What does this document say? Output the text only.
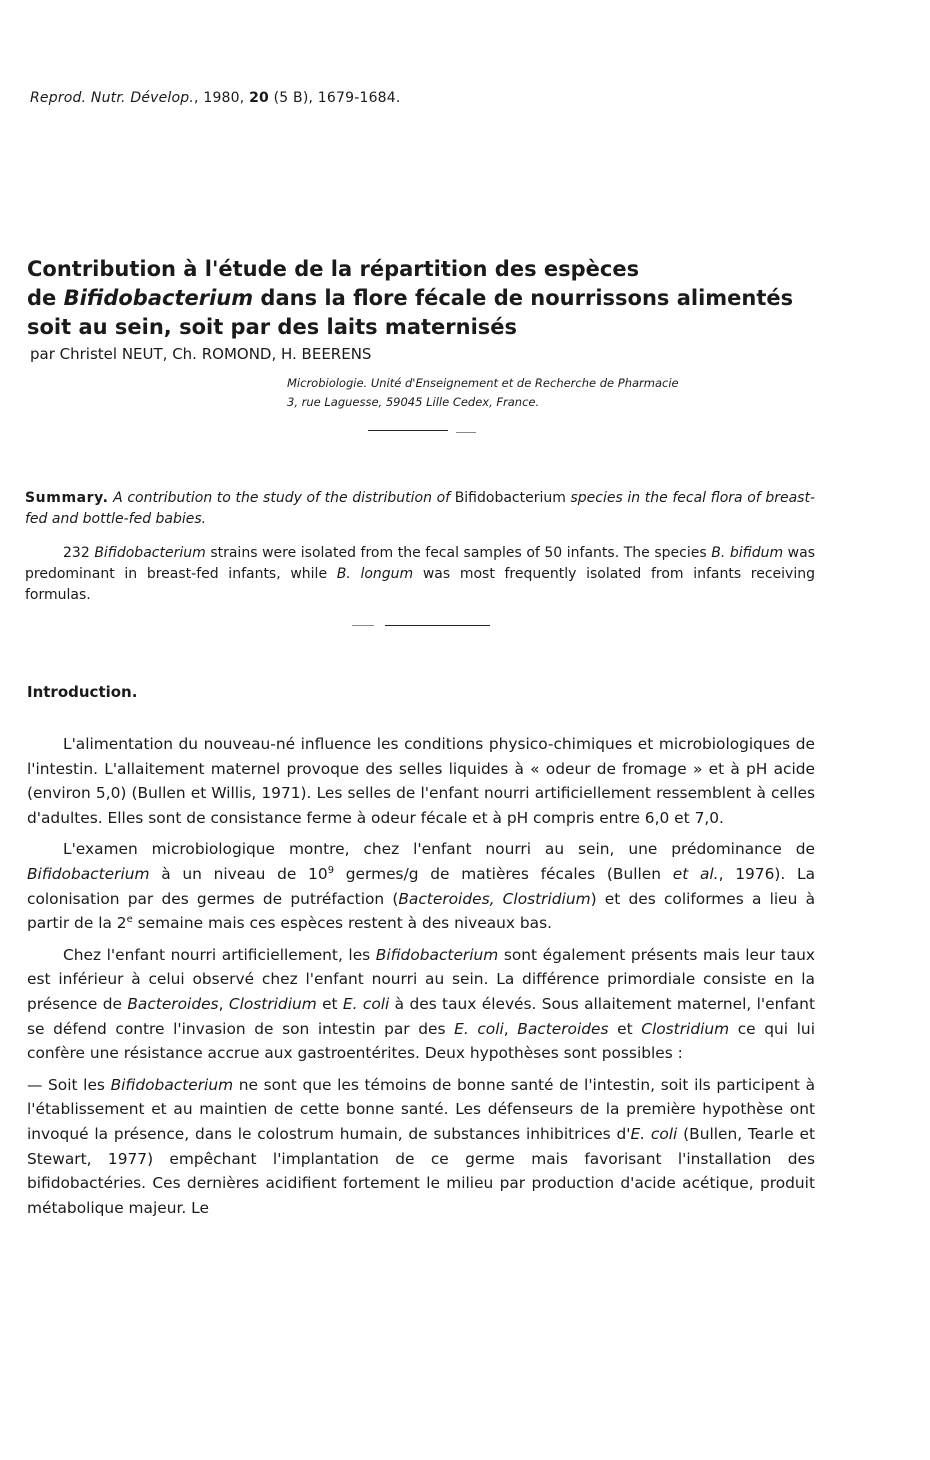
Reprod. Nutr. Dévelop., 1980, 20 (5 B), 1679-1684.
Contribution à l'étude de la répartition des espèces
de Bifidobacterium dans la flore fécale de nourrissons alimentés
soit au sein, soit par des laits maternisés
par Christel NEUT, Ch. ROMOND, H. BEERENS
Microbiologie. Unité d'Enseignement et de Recherche de Pharmacie
3, rue Laguesse, 59045 Lille Cedex, France.

Summary. A contribution to the study of the distribution of Bifidobacterium species in the fecal flora of breast-fed and bottle-fed babies.

232 Bifidobacterium strains were isolated from the fecal samples of 50 infants. The species B. bifidum was predominant in breast-fed infants, while B. longum was most frequently isolated from infants receiving formulas.

Introduction.

L'alimentation du nouveau-né influence les conditions physico-chimiques et microbiologiques de l'intestin. L'allaitement maternel provoque des selles liquides à « odeur de fromage » et à pH acide (environ 5,0) (Bullen et Willis, 1971). Les selles de l'enfant nourri artificiellement ressemblent à celles d'adultes. Elles sont de consistance ferme à odeur fécale et à pH compris entre 6,0 et 7,0.

L'examen microbiologique montre, chez l'enfant nourri au sein, une prédominance de Bifidobacterium à un niveau de $10^9$ germes/g de matières fécales (Bullen et al., 1976). La colonisation par des germes de putréfaction (Bacteroides, Clostridium) et des coliformes a lieu à partir de la 2e semaine mais ces espèces restent à des niveaux bas.

Chez l'enfant nourri artificiellement, les Bifidobacterium sont également présents mais leur taux est inférieur à celui observé chez l'enfant nourri au sein. La différence primordiale consiste en la présence de Bacteroides, Clostridium et E. coli à des taux élevés. Sous allaitement maternel, l'enfant se défend contre l'invasion de son intestin par des E. coli, Bacteroides et Clostridium ce qui lui confère une résistance accrue aux gastroentérites. Deux hypothèses sont possibles :

— Soit les Bifidobacterium ne sont que les témoins de bonne santé de l'intestin, soit ils participent à l'établissement et au maintien de cette bonne santé. Les défenseurs de la première hypothèse ont invoqué la présence, dans le colostrum humain, de substances inhibitrices d'E. coli (Bullen, Tearle et Stewart, 1977) empêchant l'implantation de ce germe mais favorisant l'installation des bifidobactéries. Ces dernières acidifient fortement le milieu par production d'acide acétique, produit métabolique majeur. Le
